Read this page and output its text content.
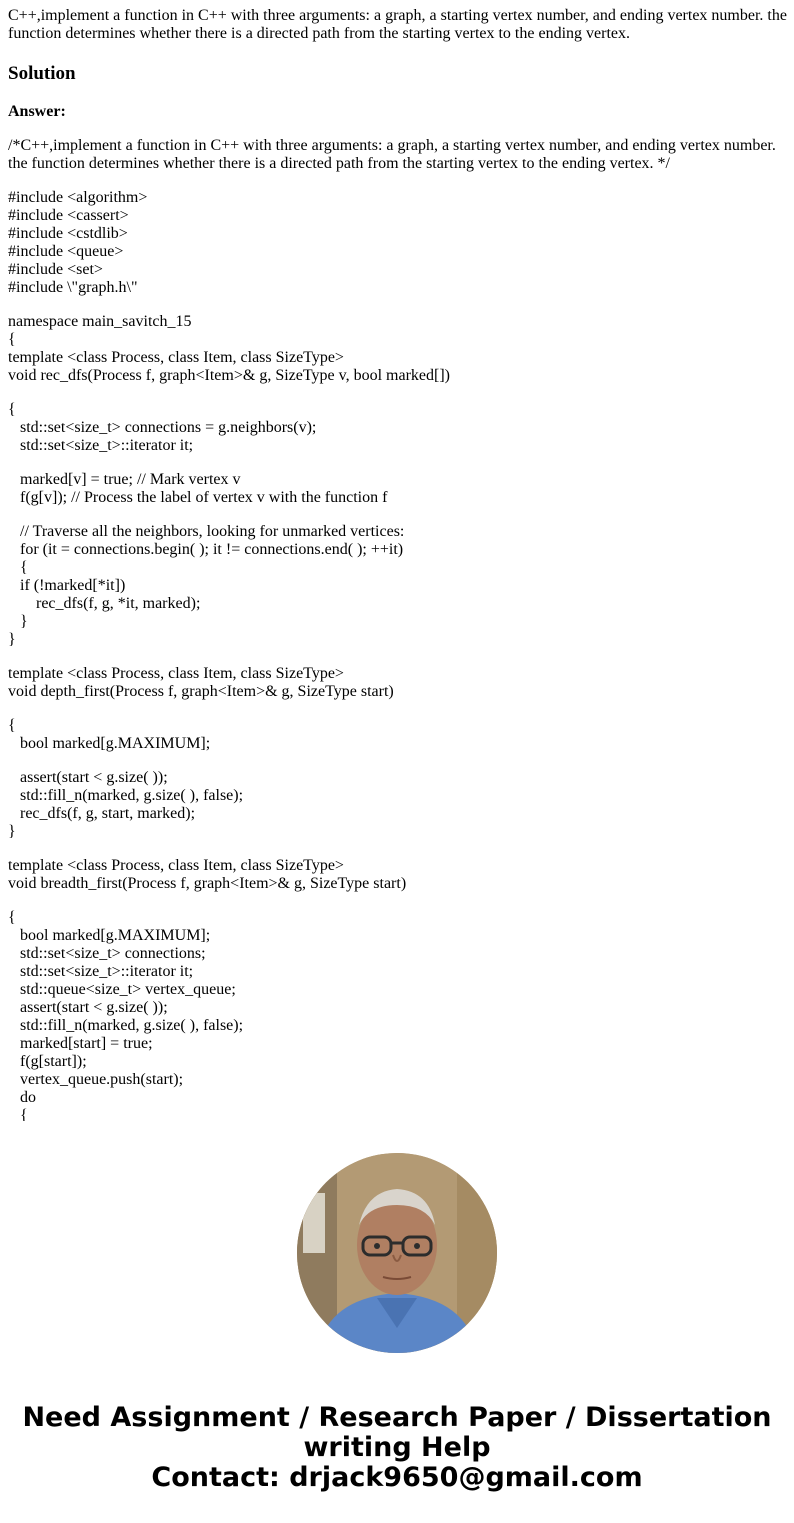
C++,implement a function in C++ with three arguments: a graph, a starting vertex number, and ending vertex number. the function determines whether there is a directed path from the starting vertex to the ending vertex.

Solution

Answer:

/*C++,implement a function in C++ with three arguments: a graph, a starting vertex number, and ending vertex number. the function determines whether there is a directed path from the starting vertex to the ending vertex. */
#include <algorithm>
#include <cassert>
#include <cstdlib>
#include <queue>
#include <set>
#include \"graph.h\"
namespace main_savitch_15
{
template <class Process, class Item, class SizeType>
void rec_dfs(Process f, graph<Item>& g, SizeType v, bool marked[])
{
std::set<size_t> connections = g.neighbors(v);
std::set<size_t>::iterator it;
marked[v] = true; // Mark vertex v
f(g[v]); // Process the label of vertex v with the function f
// Traverse all the neighbors, looking for unmarked vertices:
for (it = connections.begin( ); it != connections.end( ); ++it)
{
if (!marked[*it])
rec_dfs(f, g, *it, marked);
}
}
template <class Process, class Item, class SizeType>
void depth_first(Process f, graph<Item>& g, SizeType start)
{
bool marked[g.MAXIMUM];
assert(start < g.size( ));
std::fill_n(marked, g.size( ), false);
rec_dfs(f, g, start, marked);
}
template <class Process, class Item, class SizeType>
void breadth_first(Process f, graph<Item>& g, SizeType start)
{
bool marked[g.MAXIMUM];
std::set<size_t> connections;
std::set<size_t>::iterator it;
std::queue<size_t> vertex_queue;
assert(start < g.size( ));
std::fill_n(marked, g.size( ), false);
marked[start] = true;
f(g[start]);
vertex_queue.push(start);
do
{
Need Assignment / Research Paper / Dissertation
writing Help
Contact: drjack9650@gmail.com
